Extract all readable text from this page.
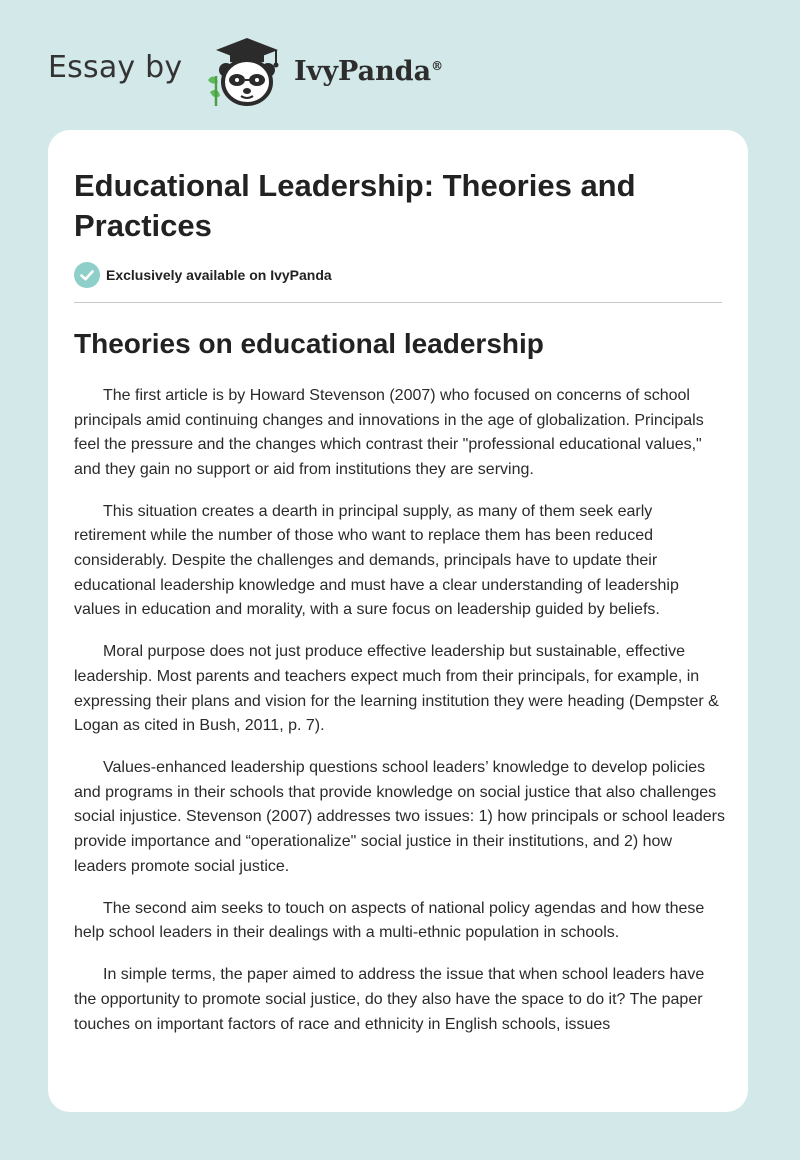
Essay by	IvyPanda®
Educational Leadership: Theories and Practices
Exclusively available on IvyPanda
Theories on educational leadership

The first article is by Howard Stevenson (2007) who focused on concerns of school principals amid continuing changes and innovations in the age of globalization. Principals feel the pressure and the changes which contrast their "professional educational values," and they gain no support or aid from institutions they are serving.

This situation creates a dearth in principal supply, as many of them seek early retirement while the number of those who want to replace them has been reduced considerably. Despite the challenges and demands, principals have to update their educational leadership knowledge and must have a clear understanding of leadership values in education and morality, with a sure focus on leadership guided by beliefs.

Moral purpose does not just produce effective leadership but sustainable, effective leadership. Most parents and teachers expect much from their principals, for example, in expressing their plans and vision for the learning institution they were heading (Dempster & Logan as cited in Bush, 2011, p. 7).

Values-enhanced leadership questions school leaders’ knowledge to develop policies and programs in their schools that provide knowledge on social justice that also challenges social injustice. Stevenson (2007) addresses two issues: 1) how principals or school leaders provide importance and “operationalize" social justice in their institutions, and 2) how leaders promote social justice.

The second aim seeks to touch on aspects of national policy agendas and how these help school leaders in their dealings with a multi-ethnic population in schools.

In simple terms, the paper aimed to address the issue that when school leaders have the opportunity to promote social justice, do they also have the space to do it? The paper touches on important factors of race and ethnicity in English schools, issues
